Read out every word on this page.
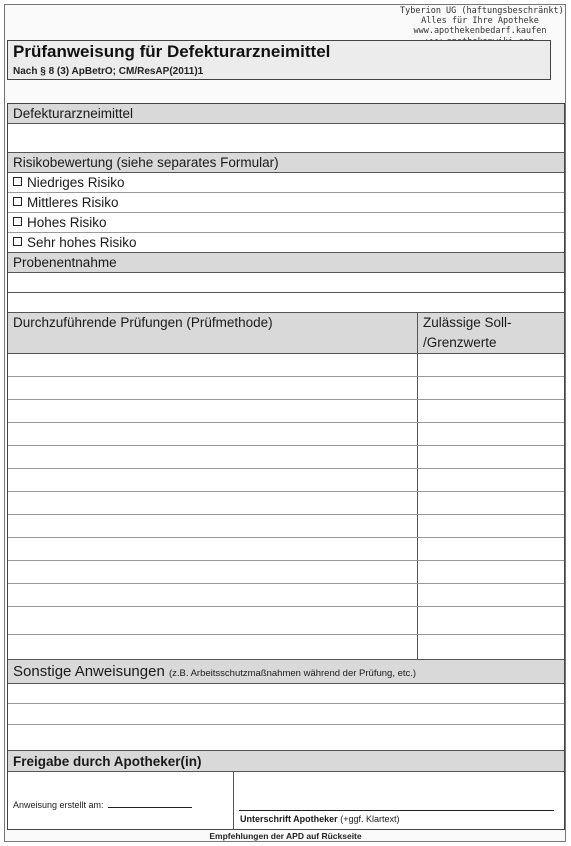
Tyberion UG (haftungsbeschränkt)
Alles für Ihre Apotheke
www.apothekenbedarf.kaufen
Prüfanweisung für Defekturarzneimittel
Nach § 8 (3) ApBetrO; CM/ResAP(2011)1
Defekturarzneimittel
Risikobewertung (siehe separates Formular)
Niedriges Risiko
Mittleres Risiko
Hohes Risiko
Sehr hohes Risiko
Probenentnahme
Durchzuführende Prüfungen (Prüfmethode)	Zulässige Soll-
/Grenzwerte
Sonstige Anweisungen (z.B. Arbeitsschutzmaßnahmen während der Prüfung, etc.)
Freigabe durch Apotheker(in)
Anweisung erstellt am:
Unterschrift Apotheker (+ggf. Klartext)
Empfehlungen der APD auf Rückseite
